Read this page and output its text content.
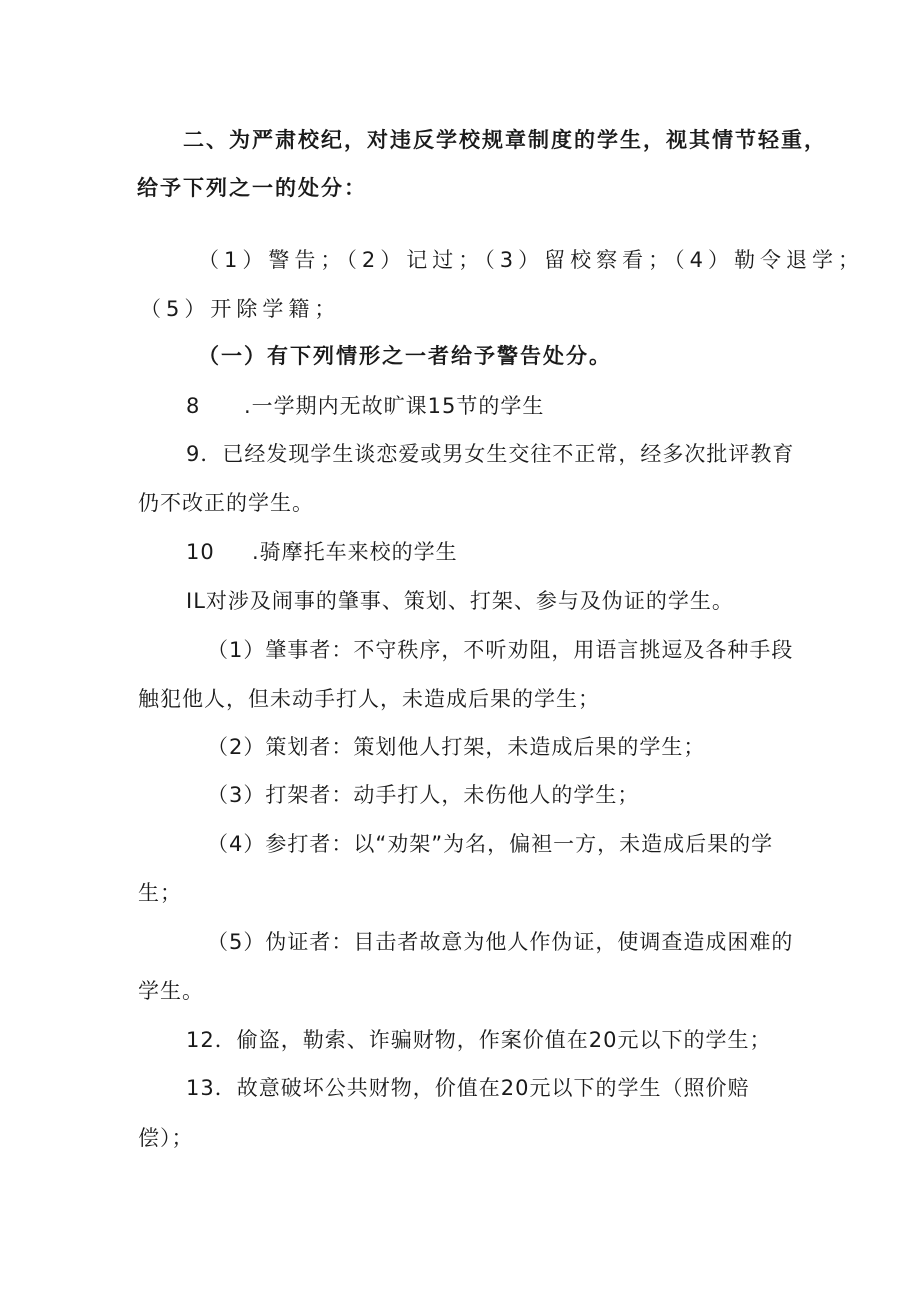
二、为严肃校纪，对违反学校规章制度的学生，视其情节轻重，
给予下列之一的处分：
（1）警告；（2）记过；（3）留校察看；（4）勒令退学；
（5）开除学籍；
（一）有下列情形之一者给予警告处分。
8 .一学期内无故旷课15节的学生
9．已经发现学生谈恋爱或男女生交往不正常，经多次批评教育
仍不改正的学生。
10 .骑摩托车来校的学生
IL对涉及闹事的肇事、策划、打架、参与及伪证的学生。
（1）肇事者：不守秩序，不听劝阻，用语言挑逗及各种手段
触犯他人，但未动手打人，未造成后果的学生；
（2）策划者：策划他人打架，未造成后果的学生；
（3）打架者：动手打人，未伤他人的学生；
（4）参打者：以“劝架”为名，偏袒一方，未造成后果的学
生；
（5）伪证者：目击者故意为他人作伪证，使调查造成困难的
学生。
12．偷盗，勒索、诈骗财物，作案价值在20元以下的学生；
13．故意破坏公共财物，价值在20元以下的学生（照价赔
偿）；
